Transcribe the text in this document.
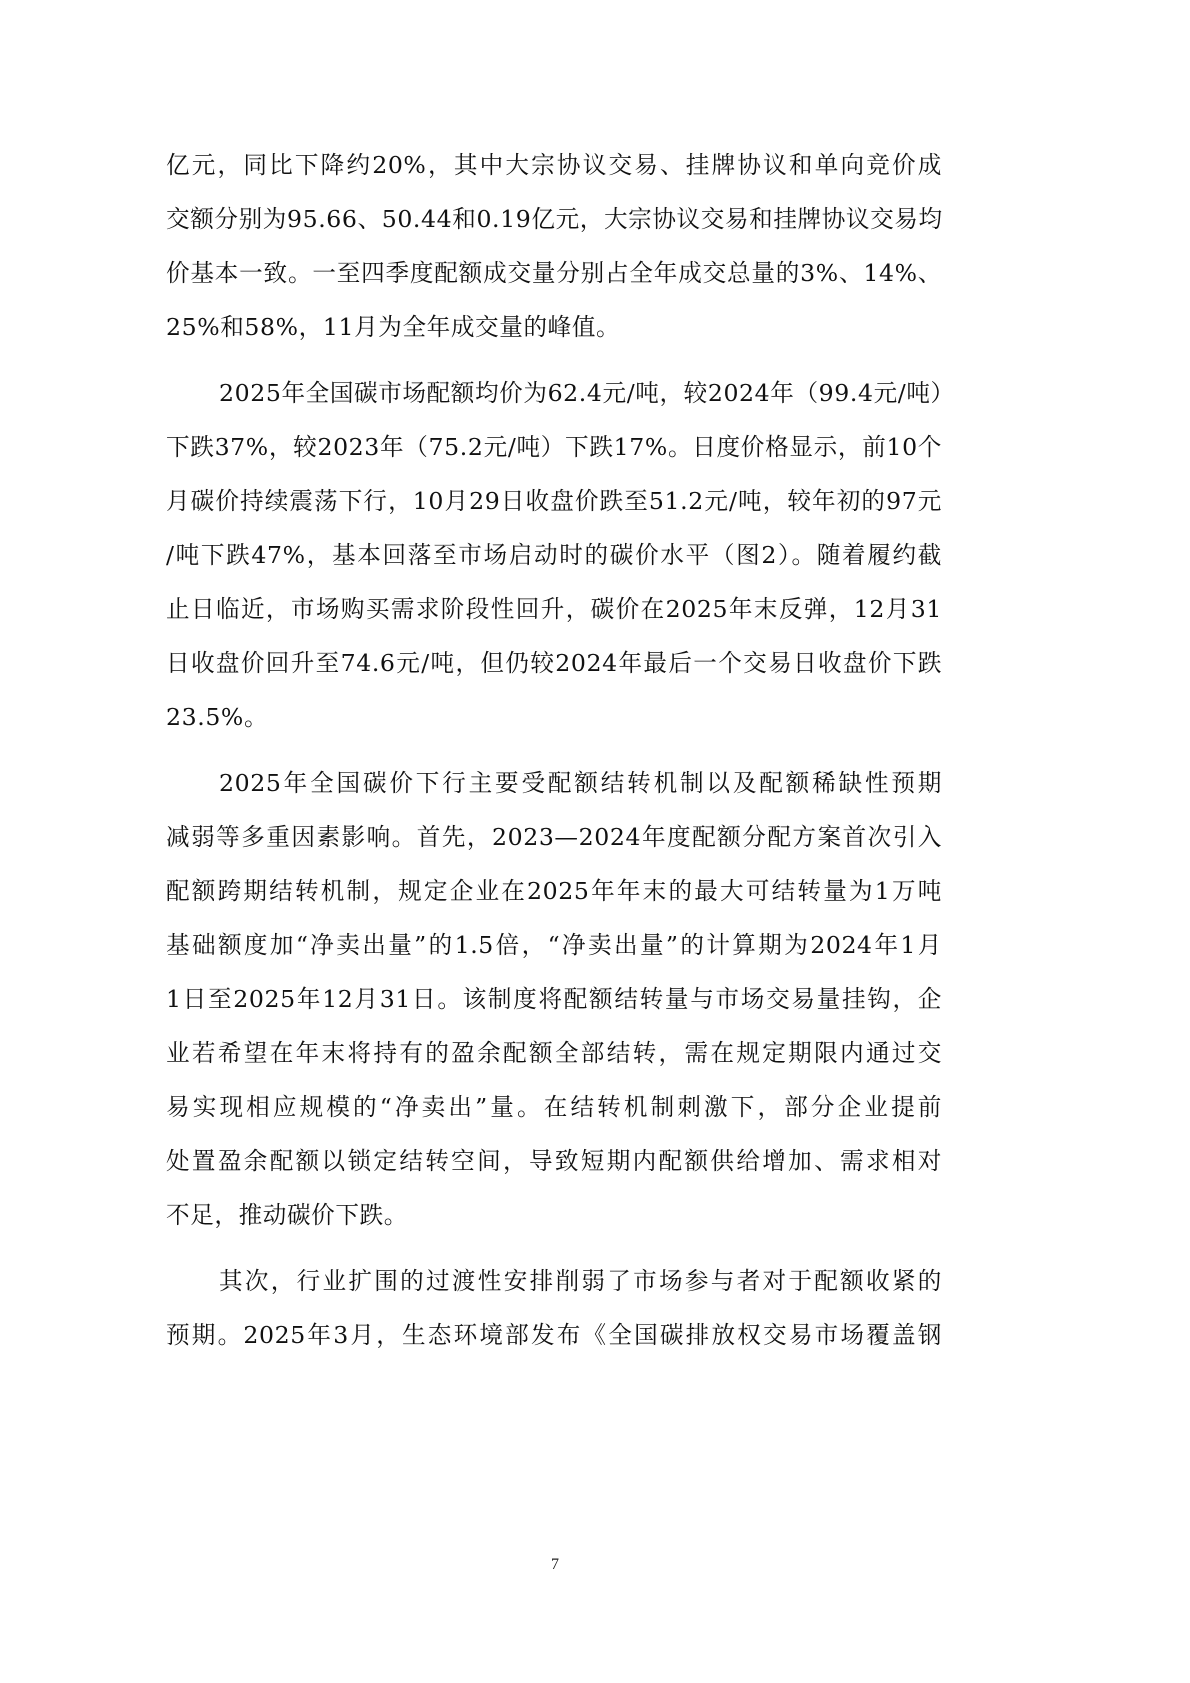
亿元，同比下降约20%，其中大宗协议交易、挂牌协议和单向竞价成
交额分别为95.66、50.44和0.19亿元，大宗协议交易和挂牌协议交易均
价基本一致。一至四季度配额成交量分别占全年成交总量的3%、14%、
25%和58%，11月为全年成交量的峰值。
2025年全国碳市场配额均价为62.4元/吨，较2024年（99.4元/吨）
下跌37%，较2023年（75.2元/吨）下跌17%。日度价格显示，前10个
月碳价持续震荡下行，10月29日收盘价跌至51.2元/吨，较年初的97元
/吨下跌47%，基本回落至市场启动时的碳价水平（图2）。随着履约截
止日临近，市场购买需求阶段性回升，碳价在2025年末反弹，12月31
日收盘价回升至74.6元/吨，但仍较2024年最后一个交易日收盘价下跌
23.5%。
2025年全国碳价下行主要受配额结转机制以及配额稀缺性预期
减弱等多重因素影响。首先，2023—2024年度配额分配方案首次引入
配额跨期结转机制，规定企业在2025年年末的最大可结转量为1万吨
基础额度加“净卖出量”的1.5倍，“净卖出量”的计算期为2024年1月
1日至2025年12月31日。该制度将配额结转量与市场交易量挂钩，企
业若希望在年末将持有的盈余配额全部结转，需在规定期限内通过交
易实现相应规模的“净卖出”量。在结转机制刺激下，部分企业提前
处置盈余配额以锁定结转空间，导致短期内配额供给增加、需求相对
不足，推动碳价下跌。
其次，行业扩围的过渡性安排削弱了市场参与者对于配额收紧的
预期。2025年3月，生态环境部发布《全国碳排放权交易市场覆盖钢
7
